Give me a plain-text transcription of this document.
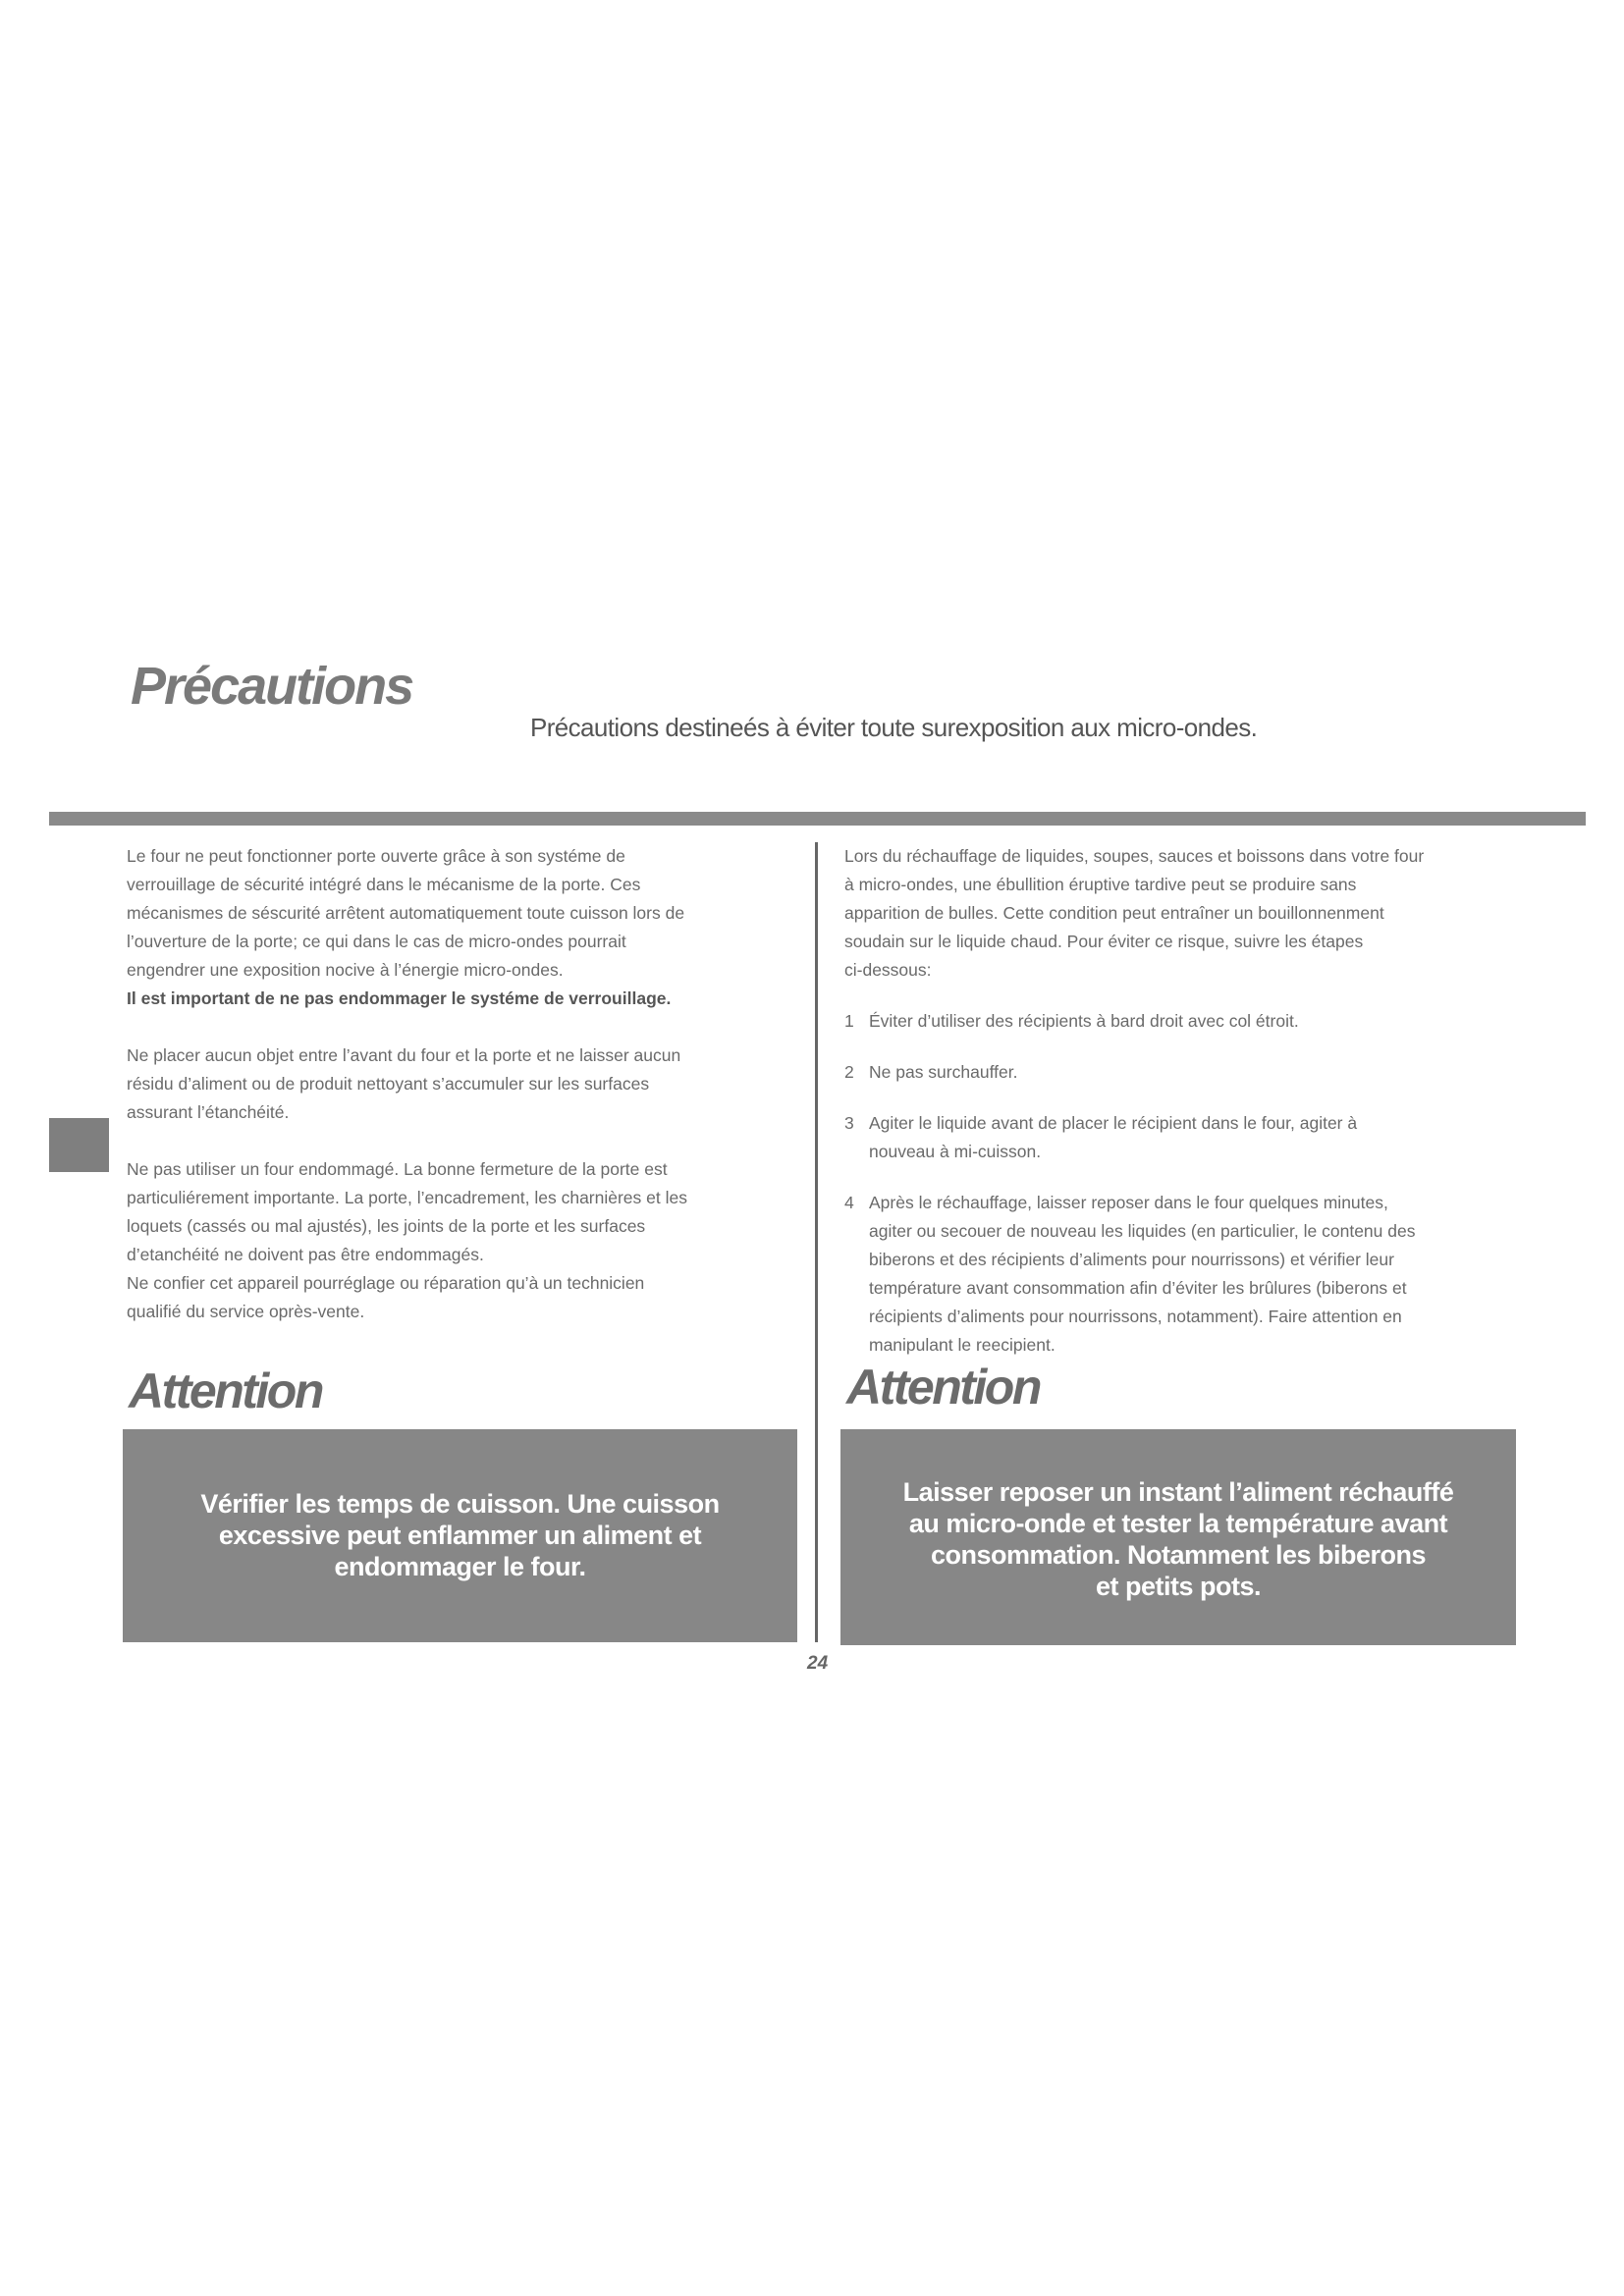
Précautions
Précautions destineés à éviter toute surexposition aux micro-ondes.

Le four ne peut fonctionner porte ouverte grâce à son systéme de
verrouillage de sécurité intégré dans le mécanisme de la porte. Ces
mécanismes de séscurité arrêtent automatiquement toute cuisson lors de
l’ouverture de la porte; ce qui dans le cas de micro-ondes pourrait
engendrer une exposition nocive à l’énergie micro-ondes.
Il est important de ne pas endommager le systéme de verrouillage.

Ne placer aucun objet entre l’avant du four et la porte et ne laisser aucun
résidu d’aliment ou de produit nettoyant s’accumuler sur les surfaces
assurant l’étanchéité.

Ne pas utiliser un four endommagé. La bonne fermeture de la porte est
particuliérement importante. La porte, l’encadrement, les charnières et les
loquets (cassés ou mal ajustés), les joints de la porte et les surfaces
d’etanchéité ne doivent pas être endommagés.
Ne confier cet appareil pourréglage ou réparation qu’à un technicien
qualifié du service oprès-vente.

Lors du réchauffage de liquides, soupes, sauces et boissons dans votre four
à micro-ondes, une ébullition éruptive tardive peut se produire sans
apparition de bulles. Cette condition peut entraîner un bouillonnenment
soudain sur le liquide chaud. Pour éviter ce risque, suivre les étapes
ci-dessous:

1 Éviter d’utiliser des récipients à bard droit avec col étroit.
2 Ne pas surchauffer.
3 Agiter le liquide avant de placer le récipient dans le four, agiter à
nouveau à mi-cuisson.
4 Après le réchauffage, laisser reposer dans le four quelques minutes,
agiter ou secouer de nouveau les liquides (en particulier, le contenu des
biberons et des récipients d’aliments pour nourrissons) et vérifier leur
température avant consommation afin d’éviter les brûlures (biberons et
récipients d’aliments pour nourrissons, notamment). Faire attention en
manipulant le reecipient.
Attention	Attention
Vérifier les temps de cuisson. Une cuisson
excessive peut enflammer un aliment et
endommager le four.
Laisser reposer un instant l’aliment réchauffé
au micro-onde et tester la température avant
consommation. Notamment les biberons
et petits pots.
24
